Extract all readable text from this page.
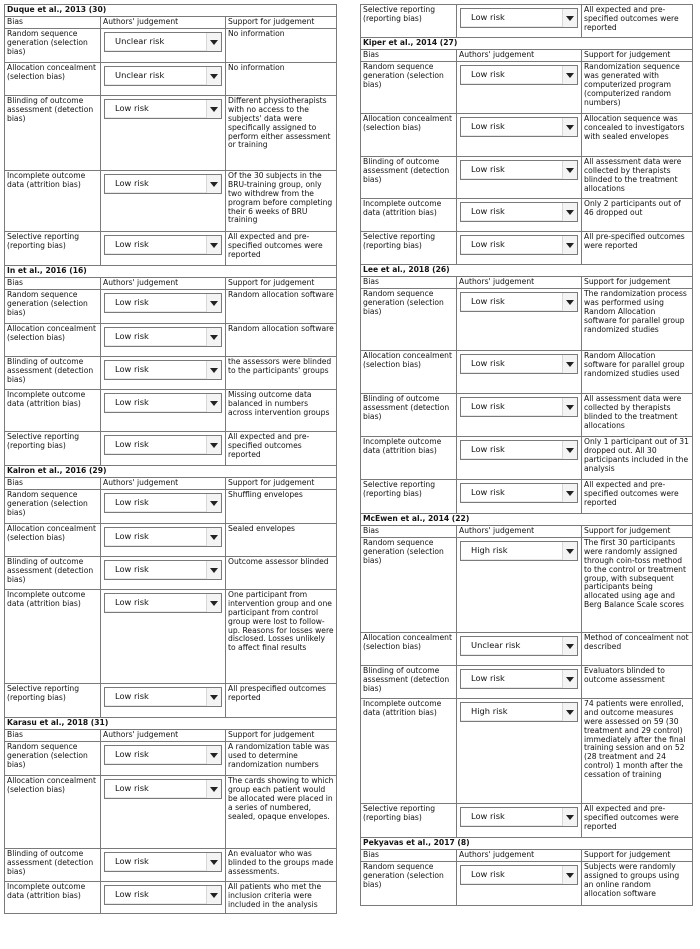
Duque et al., 2013 (30)		
Bias	Authors' judgement	Support for judgement
Random sequence generation (selection bias)	Unclear risk	No information
Allocation concealment (selection bias)	Unclear risk	No information
Blinding of outcome assessment (detection bias)	Low risk	Different physiotherapists with no access to the subjects' data were specifically assigned to perform either assessment or training
Incomplete outcome data (attrition bias)	Low risk	Of the 30 subjects in the BRU-training group, only two withdrew from the program before completing their 6 weeks of BRU training
Selective reporting (reporting bias)	Low risk	All expected and pre-specified outcomes were reported
In et al., 2016 (16)		
Bias	Authors' judgement	Support for judgement
Random sequence generation (selection bias)	Low risk	Random allocation software
Allocation concealment (selection bias)	Low risk	Random allocation software
Blinding of outcome assessment (detection bias)	Low risk	the assessors were blinded to the participants' groups
Incomplete outcome data (attrition bias)	Low risk	Missing outcome data balanced in numbers across intervention groups
Selective reporting (reporting bias)	Low risk	All expected and pre-specified outcomes reported
Kalron et al., 2016 (29)		
Bias	Authors' judgement	Support for judgement
Random sequence generation (selection bias)	Low risk	Shuffling envelopes
Allocation concealment (selection bias)	Low risk	Sealed envelopes
Blinding of outcome assessment (detection bias)	Low risk	Outcome assessor blinded
Incomplete outcome data (attrition bias)	Low risk	One participant from intervention group and one participant from control group were lost to follow-up. Reasons for losses were disclosed. Losses unlikely to affect final results
Selective reporting (reporting bias)	Low risk	All prespecified outcomes reported
Karasu et al., 2018 (31)		
Bias	Authors' judgement	Support for judgement
Random sequence generation (selection bias)	Low risk	A randomization table was used to determine randomization numbers
Allocation concealment (selection bias)	Low risk	The cards showing to which group each patient would be allocated were placed in a series of numbered, sealed, opaque envelopes.
Blinding of outcome assessment (detection bias)	Low risk	An evaluator who was blinded to the groups made assessments.
Incomplete outcome data (attrition bias)	Low risk	All patients who met the inclusion criteria were included in the analysis
Selective reporting (reporting bias)	Low risk	All expected and pre-specified outcomes were reported
Kiper et al., 2014 (27)		
Bias	Authors' judgement	Support for judgement
Random sequence generation (selection bias)	Low risk	Randomization sequence was generated with computerized program (computerized random numbers)
Allocation concealment (selection bias)	Low risk	Allocation sequence was concealed to investigators with sealed envelopes
Blinding of outcome assessment (detection bias)	Low risk	All assessment data were collected by therapists blinded to the treatment allocations
Incomplete outcome data (attrition bias)	Low risk	Only 2 participants out of 46 dropped out
Selective reporting (reporting bias)	Low risk	All pre-specified outcomes were reported
Lee et al., 2018 (26)		
Bias	Authors' judgement	Support for judgement
Random sequence generation (selection bias)	Low risk	The randomization process was performed using Random Allocation software for parallel group randomized studies
Allocation concealment (selection bias)	Low risk	Random Allocation software for parallel group randomized studies used
Blinding of outcome assessment (detection bias)	Low risk	All assessment data were collected by therapists blinded to the treatment allocations
Incomplete outcome data (attrition bias)	Low risk	Only 1 participant out of 31 dropped out. All 30 participants included in the analysis
Selective reporting (reporting bias)	Low risk	All expected and pre-specified outcomes were reported
McEwen et al., 2014 (22)		
Bias	Authors' judgement	Support for judgement
Random sequence generation (selection bias)	High risk	The first 30 participants were randomly assigned through coin-toss method to the control or treatment group, with subsequent participants being allocated using age and Berg Balance Scale scores
Allocation concealment (selection bias)	Unclear risk	Method of concealment not described
Blinding of outcome assessment (detection bias)	Low risk	Evaluators blinded to outcome assessment
Incomplete outcome data (attrition bias)	High risk	74 patients were enrolled, and outcome measures were assessed on 59 (30 treatment and 29 control) immediately after the final training session and on 52 (28 treatment and 24 control) 1 month after the cessation of training
Selective reporting (reporting bias)	Low risk	All expected and pre-specified outcomes were reported
Pekyavas et al., 2017 (8)		
Bias	Authors' judgement	Support for judgement
Random sequence generation (selection bias)	Low risk	Subjects were randomly assigned to groups using an online random allocation software
